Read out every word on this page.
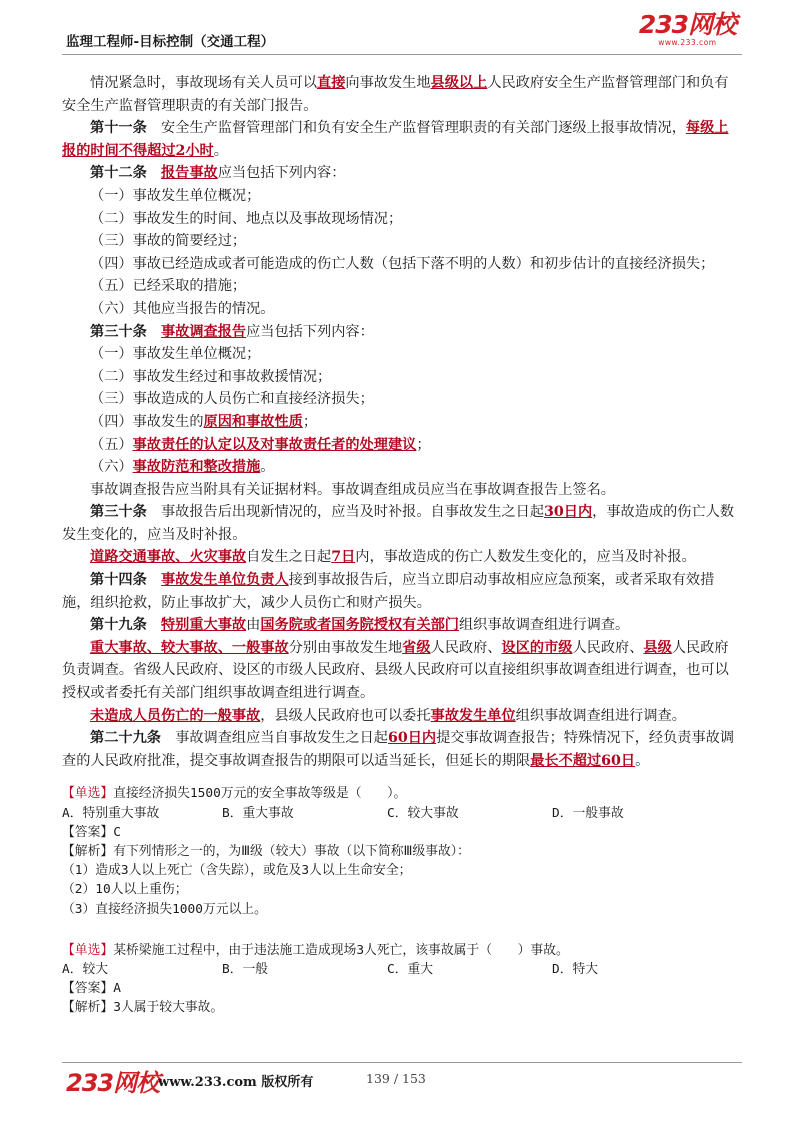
监理工程师-目标控制（交通工程）
233网校
www.233.com

情况紧急时，事故现场有关人员可以直接向事故发生地县级以上人民政府安全生产监督管理部门和负有安全生产监督管理职责的有关部门报告。

第十一条　安全生产监督管理部门和负有安全生产监督管理职责的有关部门逐级上报事故情况，每级上报的时间不得超过2小时。

第十二条　 报告事故应当包括下列内容：

（一）事故发生单位概况；

（二）事故发生的时间、地点以及事故现场情况；

（三）事故的简要经过；

（四）事故已经造成或者可能造成的伤亡人数（包括下落不明的人数）和初步估计的直接经济损失；

（五）已经采取的措施；

（六）其他应当报告的情况。

第三十条　 事故调查报告应当包括下列内容：

（一）事故发生单位概况；

（二）事故发生经过和事故救援情况；

（三）事故造成的人员伤亡和直接经济损失；

（四）事故发生的原因和事故性质；

（五）事故责任的认定以及对事故责任者的处理建议；

（六）事故防范和整改措施。

事故调查报告应当附具有关证据材料。事故调查组成员应当在事故调查报告上签名。

第三十条　事故报告后出现新情况的，应当及时补报。自事故发生之日起30日内，事故造成的伤亡人数发生变化的，应当及时补报。

道路交通事故、火灾事故自发生之日起7日内，事故造成的伤亡人数发生变化的，应当及时补报。

第十四条　 事故发生单位负责人接到事故报告后，应当立即启动事故相应应急预案，或者采取有效措施，组织抢救，防止事故扩大，减少人员伤亡和财产损失。

第十九条　 特别重大事故由国务院或者国务院授权有关部门组织事故调查组进行调查。

重大事故、较大事故、一般事故分别由事故发生地省级人民政府、设区的市级人民政府、县级人民政府负责调查。省级人民政府、设区的市级人民政府、县级人民政府可以直接组织事故调查组进行调查，也可以授权或者委托有关部门组织事故调查组进行调查。

未造成人员伤亡的一般事故，县级人民政府也可以委托事故发生单位组织事故调查组进行调查。

第二十九条　事故调查组应当自事故发生之日起60日内提交事故调查报告；特殊情况下，经负责事故调查的人民政府批准，提交事故调查报告的期限可以适当延长，但延长的期限最长不超过60日。

【单选】直接经济损失1500万元的安全事故等级是（　　）。
A．特别重大事故	B．重大事故	C．较大事故	D．一般事故
【答案】C
【解析】有下列情形之一的，为Ⅲ级（较大）事故（以下简称Ⅲ级事故）：
（1）造成3人以上死亡（含失踪），或危及3人以上生命安全；
（2）10人以上重伤；
（3）直接经济损失1000万元以上。
【单选】某桥梁施工过程中，由于违法施工造成现场3人死亡，该事故属于（　　）事故。
A．较大	B．一般	C．重大	D．特大
【答案】A
【解析】3人属于较大事故。
233网校
www.233.com 版权所有	139 / 153
